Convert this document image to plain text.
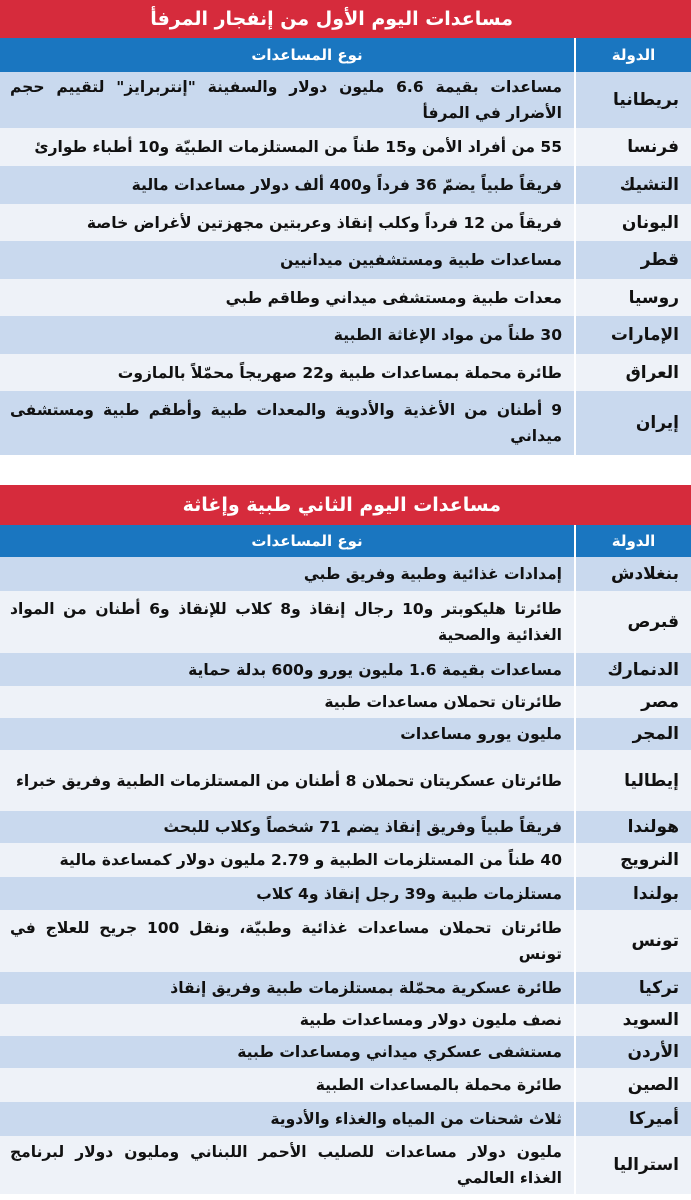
مساعدات اليوم الأول من إنفجار المرفأ
الدولة
نوع المساعدات
بريطانيا
مساعدات بقيمة 6.6 مليون دولار والسفينة "إنتربرايز" لتقييم حجم الأضرار في المرفأ
فرنسا
55 من أفراد الأمن و15 طناً من المستلزمات الطبيّة و10 أطباء طوارئ
التشيك
فريقاً طبياً يضمّ 36 فرداً و400 ألف دولار مساعدات مالية
اليونان
فريقاً من 12 فرداً وكلب إنقاذ وعربتين مجهزتين لأغراض خاصة
قطر
مساعدات طبية ومستشفيين ميدانيين
روسيا
معدات طبية ومستشفى ميداني وطاقم طبي
الإمارات
30 طناً من مواد الإغاثة الطبية
العراق
طائرة محملة بمساعدات طبية و22 صهريجاً محمّلاً بالمازوت
إيران
9 أطنان من الأغذية والأدوية والمعدات طبية وأطقم طبية ومستشفى ميداني
مساعدات اليوم الثاني طبية وإغاثة
الدولة
نوع المساعدات
بنغلادش
إمدادات غذائية وطبية وفريق طبي
قبرص
طائرتا هليكوبتر و10 رجال إنقاذ و8 كلاب للإنقاذ و6 أطنان من المواد الغذائية والصحية
الدنمارك
مساعدات بقيمة 1.6 مليون يورو و600 بدلة حماية
مصر
طائرتان تحملان مساعدات طبية
المجر
مليون يورو مساعدات
إيطاليا
طائرتان عسكريتان تحملان 8 أطنان من المستلزمات الطبية وفريق خبراء
هولندا
فريقاً طبياً وفريق إنقاذ يضم 71 شخصاً وكلاب للبحث
النرويج
40 طناً من المستلزمات الطبية و 2.79 مليون دولار كمساعدة مالية
بولندا
مستلزمات طبية و39 رجل إنقاذ و4 كلاب
تونس
طائرتان تحملان مساعدات غذائية وطبيّة، ونقل 100 جريح للعلاج في تونس
تركيا
طائرة عسكرية محمّلة بمستلزمات طبية وفريق إنقاذ
السويد
نصف مليون دولار ومساعدات طبية
الأردن
مستشفى عسكري ميداني ومساعدات طبية
الصين
طائرة محملة بالمساعدات الطبية
أميركا
ثلاث شحنات من المياه والغذاء والأدوية
استراليا
مليون دولار مساعدات للصليب الأحمر اللبناني ومليون دولار لبرنامج الغذاء العالمي
